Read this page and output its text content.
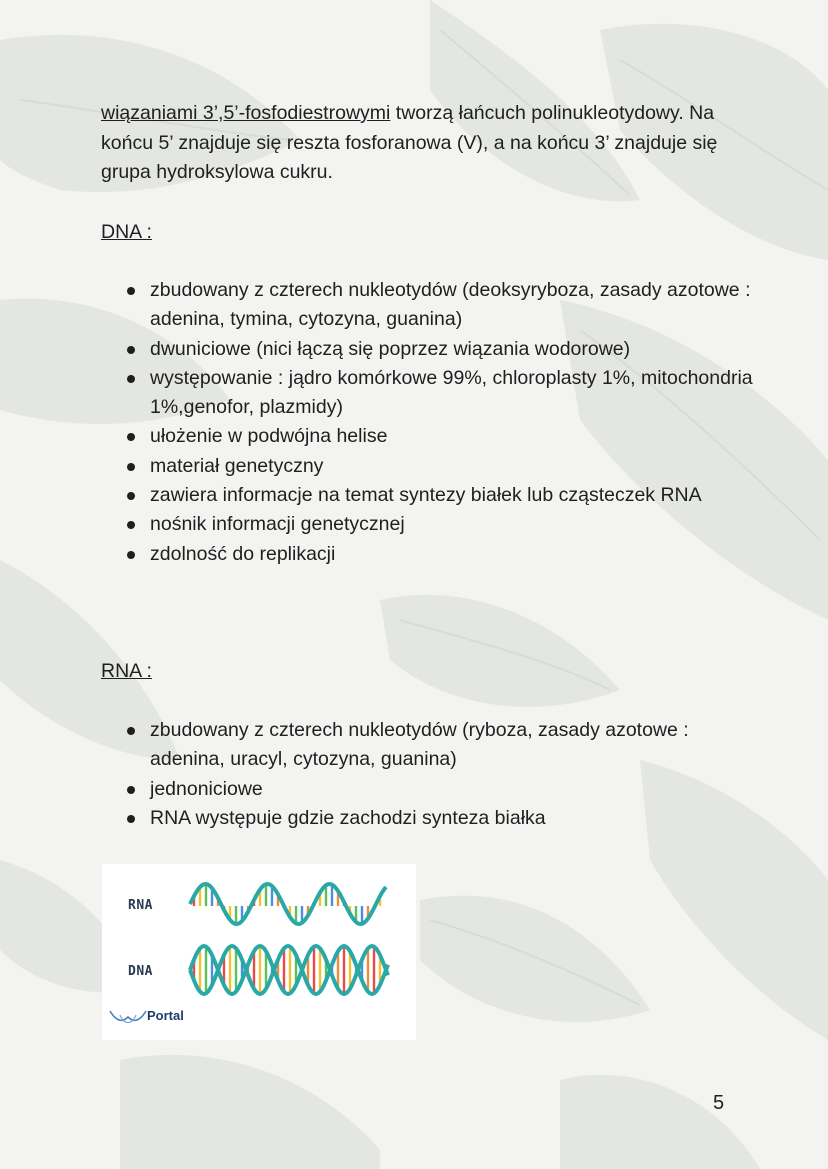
wiązaniami 3’,5’-fosfodiestrowymi tworzą łańcuch polinukleotydowy. Na końcu 5’ znajduje się reszta fosforanowa (V), a na końcu 3’ znajduje się grupa hydroksylowa cukru.

DNA :

zbudowany z czterech nukleotydów (deoksyryboza, zasady azotowe : adenina, tymina, cytozyna, guanina)
dwuniciowe (nici łączą się poprzez wiązania wodorowe)
występowanie : jądro komórkowe 99%, chloroplasty 1%, mitochondria 1%,genofor, plazmidy)
ułożenie w podwójna helise
materiał genetyczny
zawiera informacje na temat syntezy białek lub cząsteczek RNA
nośnik informacji genetycznej
zdolność do replikacji

RNA :

zbudowany z czterech nukleotydów (ryboza, zasady azotowe : adenina, uracyl, cytozyna, guanina)
jednoniciowe
RNA występuje gdzie zachodzi synteza białka
RNA
DNA
Portal
5
